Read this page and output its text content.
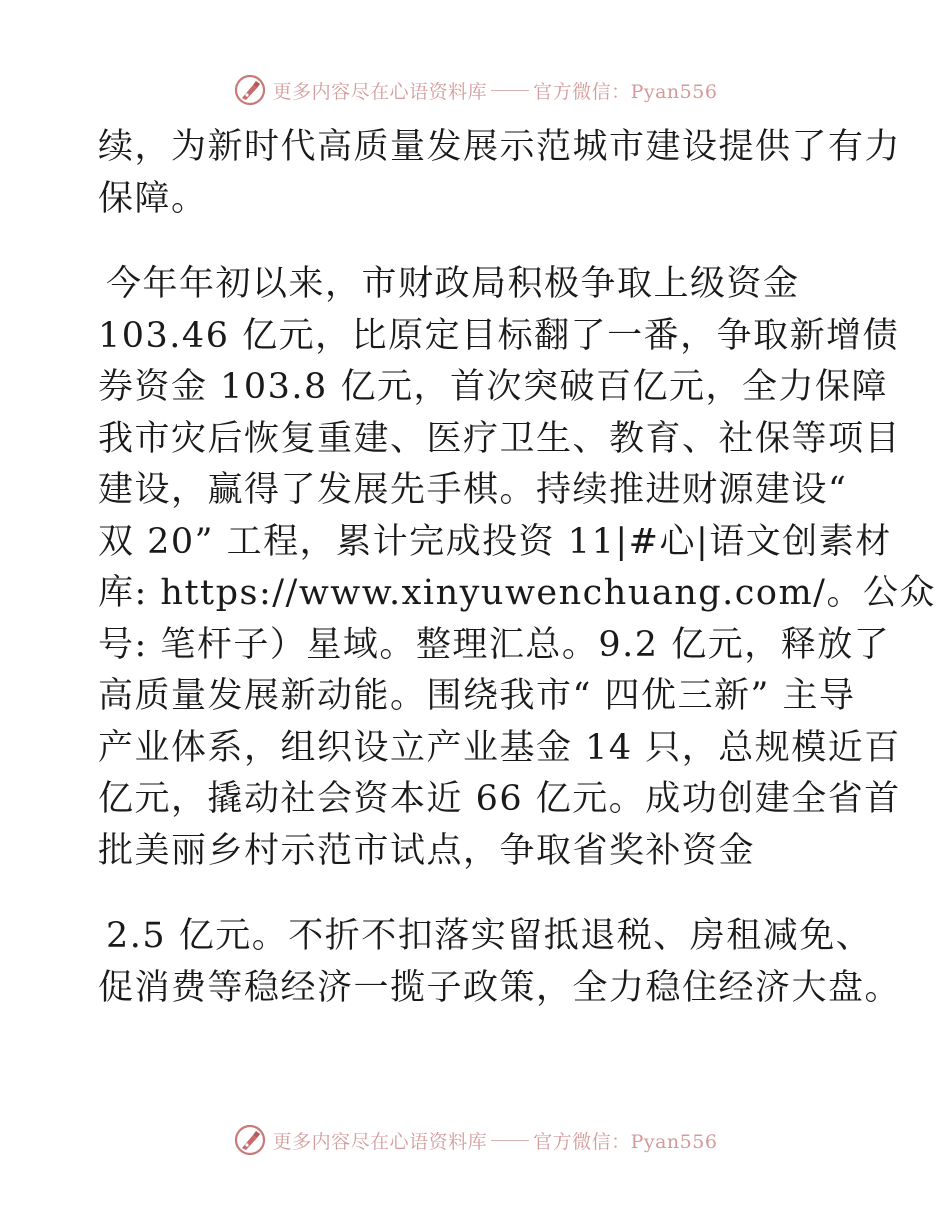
更多内容尽在心语资料库 官方微信：Pyan556
续，为新时代高质量发展示范城市建设提供了有力
保障。
今年年初以来，市财政局积极争取上级资金
103.46 亿元，比原定目标翻了一番，争取新增债
券资金 103.8 亿元，首次突破百亿元，全力保障
我市灾后恢复重建、医疗卫生、教育、社保等项目
建设，赢得了发展先手棋。持续推进财源建设“
双 20” 工程，累计完成投资 11|#心|语文创素材
库: https://www.xinyuwenchuang.com/。公众
号: 笔杆子）星域。整理汇总。9.2 亿元，释放了
高质量发展新动能。围绕我市“ 四优三新” 主导
产业体系，组织设立产业基金 14 只，总规模近百
亿元，撬动社会资本近 66 亿元。成功创建全省首
批美丽乡村示范市试点，争取省奖补资金
2.5 亿元。不折不扣落实留抵退税、房租减免、
促消费等稳经济一揽子政策，全力稳住经济大盘。
更多内容尽在心语资料库 官方微信：Pyan556
